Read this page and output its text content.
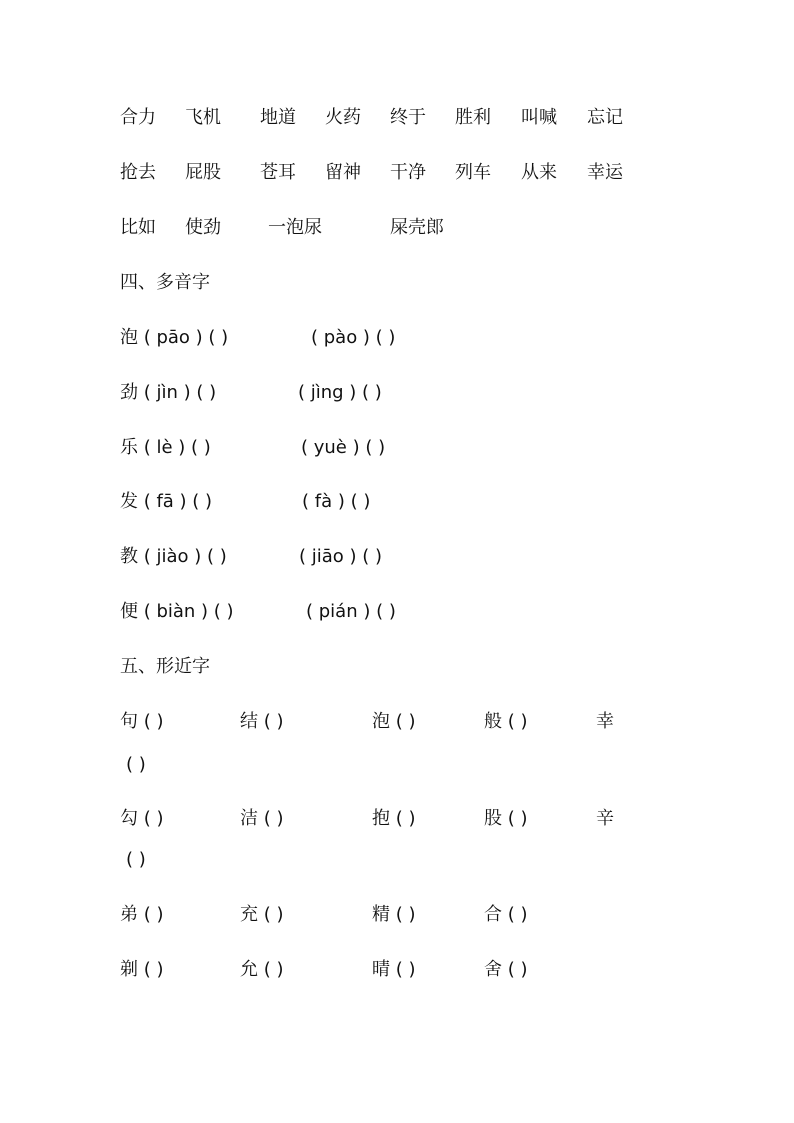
合力 飞机 地道 火药 终于 胜利 叫喊 忘记
抢去 屁股 苍耳 留神 干净 列车 从来 幸运
比如 使劲	一泡尿	屎壳郎
四、多音字
泡 ( pāo ) ( )	( pào ) ( )
劲 ( jìn ) ( )	( jìng ) ( )
乐 ( lè ) ( )	( yuè ) ( )
发 ( fā ) ( )	( fà ) ( )
教 ( jiào ) ( )	( jiāo ) ( )
便 ( biàn ) ( )	( pián ) ( )
五、形近字
句 ( )	结 ( )	泡 ( )	般 ( )	幸
( )
勾 ( )	洁 ( )	抱 ( )	股 ( )	辛
( )
弟 ( )	充 ( )	精 ( )	合 ( )
剃 ( )	允 ( )	晴 ( )	舍 ( )
